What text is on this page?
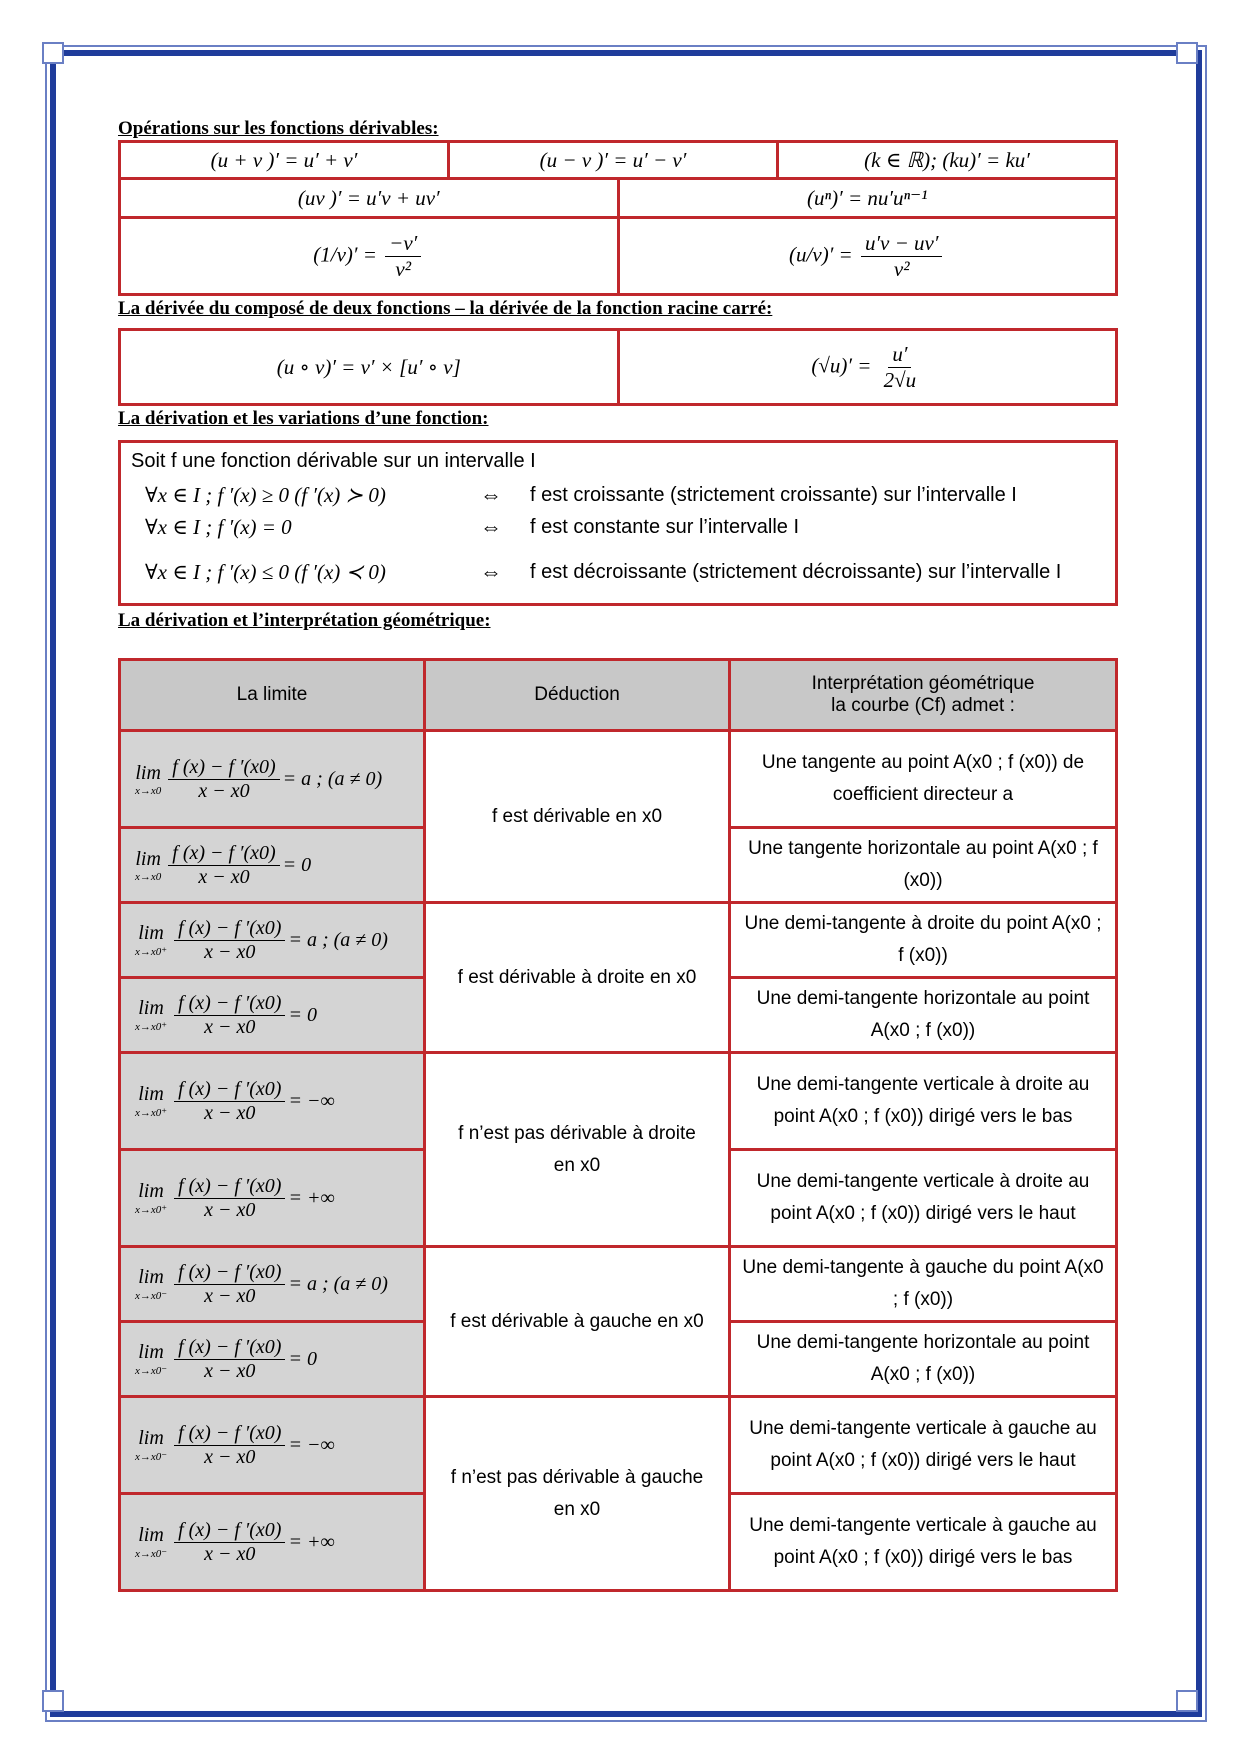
Opérations sur les fonctions dérivables:
(u + v )′ = u′ + v′	(u − v )′ = u′ − v′	(k ∈ ℝ); (ku)′ = ku′
(uv )′ = u′v + uv′	(uⁿ)′ = nu′uⁿ⁻¹
$(1/v)' = \frac{-v'}{\text{v²}}$	$(u/v)' = \frac{u'v - uv'}{\text{v²}}$
La dérivée du composé de deux fonctions – la dérivée de la fonction racine carré:
(u ∘ v)′ = v′ × [u′ ∘ v]	$(√u)' = \frac{u'}{2√u}$
La dérivation et les variations d’une fonction:
Soit f une fonction dérivable sur un intervalle I
∀x ∈ I ; f ′(x) ≥ 0 (f ′(x) ≻ 0)	⇔	f est croissante (strictement croissante) sur l’intervalle I
∀x ∈ I ; f ′(x) = 0	⇔	f est constante sur l’intervalle I
∀x ∈ I ; f ′(x) ≤ 0 (f ′(x) ≺ 0)	⇔	f est décroissante (strictement décroissante) sur l’intervalle I
La dérivation et l’interprétation géométrique:
La limite	Déduction	Interprétation géométrique
la courbe (Cf) admet :

lim
$x\to x0 \frac{f (x) - f '(x0)}{x - x0} = a$ ; (a ≠ 0)	f est dérivable en x0	Une tangente au point A(x0 ; f (x0)) de coefficient directeur a

lim
$x\to x0 \frac{f (x) - f '(x0)}{x - x0} = 0$		Une tangente horizontale au point A(x0 ; f (x0))

lim
$x\to x0^+ \frac{f (x) - f '(x0)}{x - x0} = a$ ; (a ≠ 0)	f est dérivable à droite en x0	Une demi-tangente à droite du point A(x0 ; f (x0))

lim
$x\to x0^+ \frac{f (x) - f '(x0)}{x - x0} = 0$		Une demi-tangente horizontale au point A(x0 ; f (x0))

lim
$x\to x0^+ \frac{f (x) - f '(x0)}{x - x0}$ = −∞	f n’est pas dérivable à droite en x0	Une demi-tangente verticale à droite au point A(x0 ; f (x0)) dirigé vers le bas

lim
$x\to x0^+ \frac{f (x) - f '(x0)}{x - x0}$ = +∞		Une demi-tangente verticale à droite au point A(x0 ; f (x0)) dirigé vers le haut

lim
$x\to x0^- \frac{f (x) - f '(x0)}{x - x0} = a$ ; (a ≠ 0)	f est dérivable à gauche en x0	Une demi-tangente à gauche du point A(x0 ; f (x0))

lim
$x\to x0^- \frac{f (x) - f '(x0)}{x - x0} = 0$		Une demi-tangente horizontale au point A(x0 ; f (x0))

lim
$x\to x0^- \frac{f (x) - f '(x0)}{x - x0}$ = −∞	f n’est pas dérivable à gauche en x0	Une demi-tangente verticale à gauche au point A(x0 ; f (x0)) dirigé vers le haut

lim
$x\to x0^- \frac{f (x) - f '(x0)}{x - x0}$ = +∞		Une demi-tangente verticale à gauche au point A(x0 ; f (x0)) dirigé vers le bas
